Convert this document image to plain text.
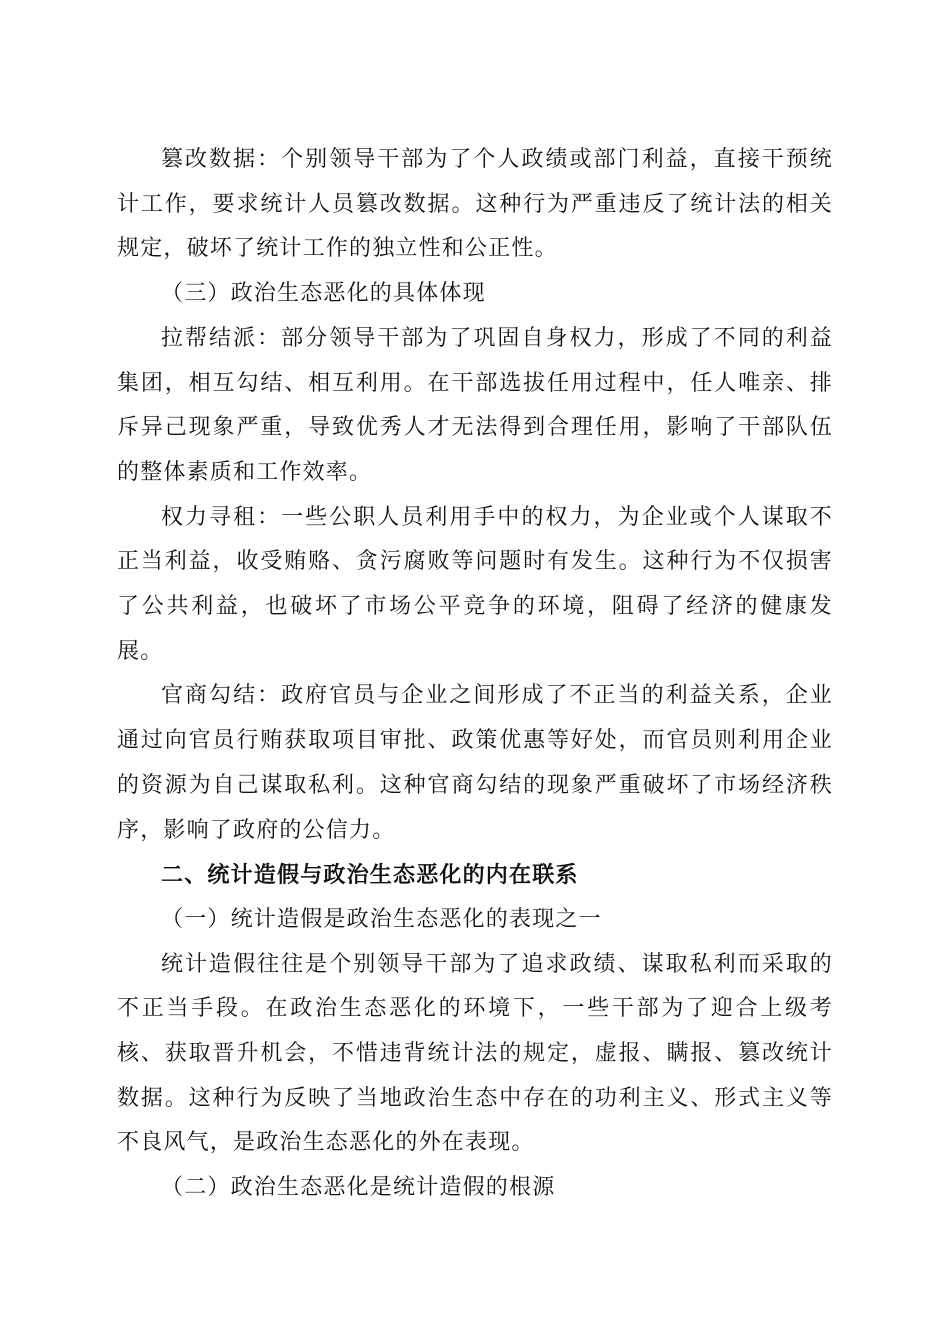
篡改数据：个别领导干部为了个人政绩或部门利益，直接干预统计工作，要求统计人员篡改数据。这种行为严重违反了统计法的相关规定，破坏了统计工作的独立性和公正性。

（三）政治生态恶化的具体体现

拉帮结派：部分领导干部为了巩固自身权力，形成了不同的利益集团，相互勾结、相互利用。在干部选拔任用过程中，任人唯亲、排斥异己现象严重，导致优秀人才无法得到合理任用，影响了干部队伍的整体素质和工作效率。

权力寻租：一些公职人员利用手中的权力，为企业或个人谋取不正当利益，收受贿赂、贪污腐败等问题时有发生。这种行为不仅损害了公共利益，也破坏了市场公平竞争的环境，阻碍了经济的健康发展。

官商勾结：政府官员与企业之间形成了不正当的利益关系，企业通过向官员行贿获取项目审批、政策优惠等好处，而官员则利用企业的资源为自己谋取私利。这种官商勾结的现象严重破坏了市场经济秩序，影响了政府的公信力。

二、统计造假与政治生态恶化的内在联系

（一）统计造假是政治生态恶化的表现之一

统计造假往往是个别领导干部为了追求政绩、谋取私利而采取的不正当手段。在政治生态恶化的环境下，一些干部为了迎合上级考核、获取晋升机会，不惜违背统计法的规定，虚报、瞒报、篡改统计数据。这种行为反映了当地政治生态中存在的功利主义、形式主义等不良风气，是政治生态恶化的外在表现。

（二）政治生态恶化是统计造假的根源
